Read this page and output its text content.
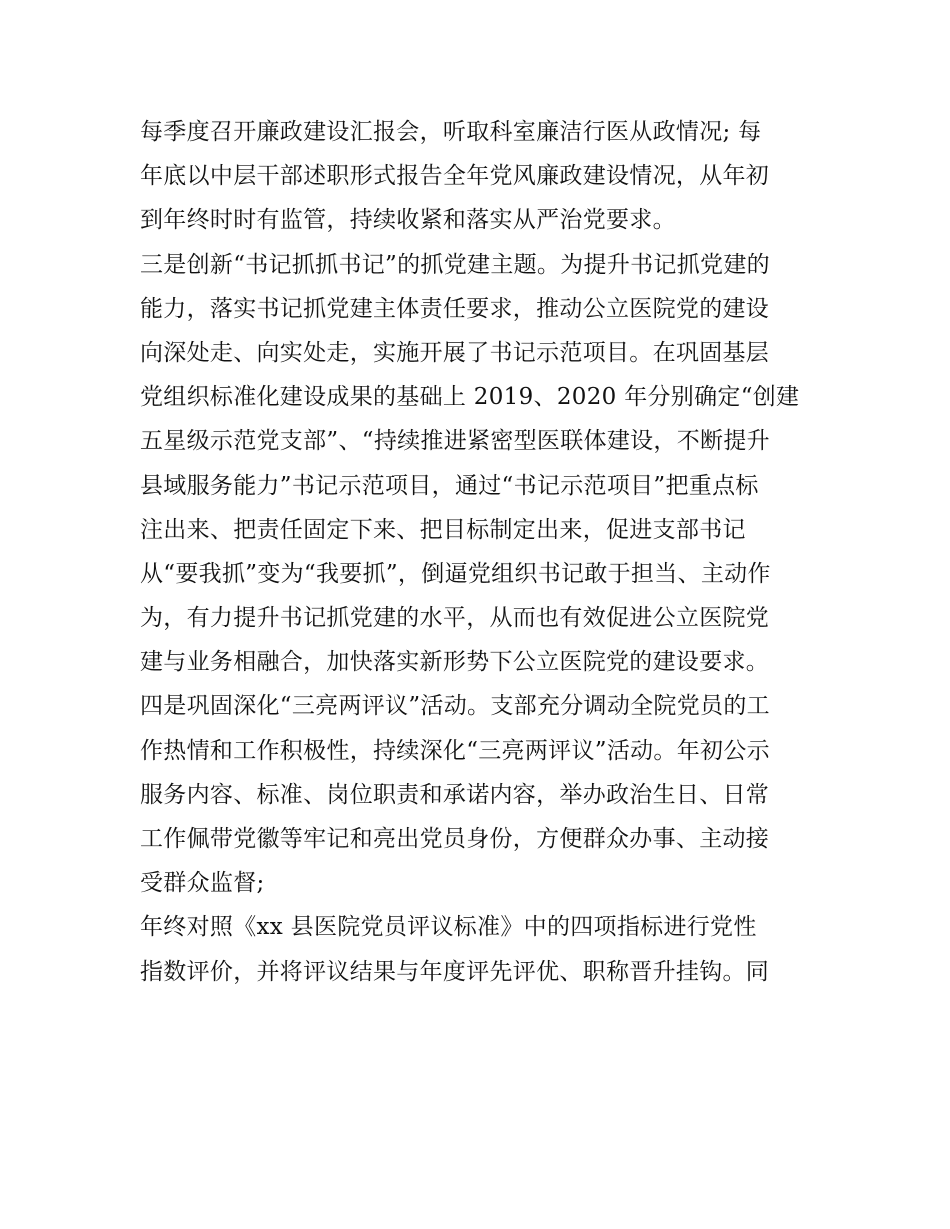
每季度召开廉政建设汇报会，听取科室廉洁行医从政情况; 每
年底以中层干部述职形式报告全年党风廉政建设情况，从年初
到年终时时有监管，持续收紧和落实从严治党要求。
三是创新“书记抓抓书记”的抓党建主题。为提升书记抓党建的
能力，落实书记抓党建主体责任要求，推动公立医院党的建设
向深处走、向实处走，实施开展了书记示范项目。在巩固基层
党组织标准化建设成果的基础上 2019、2020 年分别确定“创建
五星级示范党支部”、“持续推进紧密型医联体建设，不断提升
县域服务能力”书记示范项目，通过“书记示范项目”把重点标
注出来、把责任固定下来、把目标制定出来，促进支部书记
从“要我抓”变为“我要抓”，倒逼党组织书记敢于担当、主动作
为，有力提升书记抓党建的水平，从而也有效促进公立医院党
建与业务相融合，加快落实新形势下公立医院党的建设要求。
四是巩固深化“三亮两评议”活动。支部充分调动全院党员的工
作热情和工作积极性，持续深化“三亮两评议”活动。年初公示
服务内容、标准、岗位职责和承诺内容，举办政治生日、日常
工作佩带党徽等牢记和亮出党员身份，方便群众办事、主动接
受群众监督;
年终对照《xx 县医院党员评议标准》中的四项指标进行党性
指数评价，并将评议结果与年度评先评优、职称晋升挂钩。同
